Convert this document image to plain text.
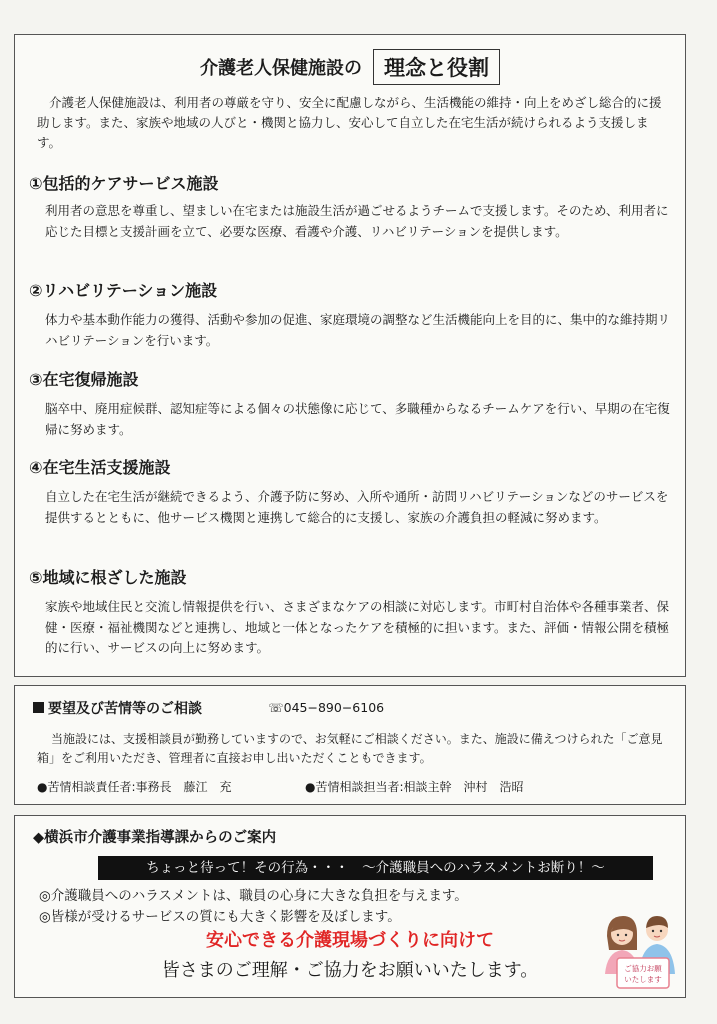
介護老人保健施設の 理念と役割

介護老人保健施設は、利用者の尊厳を守り、安全に配慮しながら、生活機能の維持・向上をめざし総合的に援助します。また、家族や地域の人びと・機関と協力し、安心して自立した在宅生活が続けられるよう支援します。

①包括的ケアサービス施設

利用者の意思を尊重し、望ましい在宅または施設生活が過ごせるようチームで支援します。そのため、利用者に応じた目標と支援計画を立て、必要な医療、看護や介護、リハビリテーションを提供します。

②リハビリテーション施設

体力や基本動作能力の獲得、活動や参加の促進、家庭環境の調整など生活機能向上を目的に、集中的な維持期リハビリテーションを行います。

③在宅復帰施設

脳卒中、廃用症候群、認知症等による個々の状態像に応じて、多職種からなるチームケアを行い、早期の在宅復帰に努めます。

④在宅生活支援施設

自立した在宅生活が継続できるよう、介護予防に努め、入所や通所・訪問リハビリテーションなどのサービスを提供するとともに、他サービス機関と連携して総合的に支援し、家族の介護負担の軽減に努めます。

⑤地域に根ざした施設

家族や地域住民と交流し情報提供を行い、さまざまなケアの相談に対応します。市町村自治体や各種事業者、保健・医療・福祉機関などと連携し、地域と一体となったケアを積極的に担います。また、評価・情報公開を積極的に行い、サービスの向上に努めます。

要望及び苦情等のご相談	☏045−890−6106

当施設には、支援相談員が勤務していますので、お気軽にご相談ください。また、施設に備えつけられた「ご意見箱」をご利用いただき、管理者に直接お申し出いただくこともできます。

●苦情相談責任者:事務長　藤江　充	●苦情相談担当者:相談主幹　沖村　浩昭
◆横浜市介護事業指導課からのご案内
ちょっと待って！その行為・・・　～介護職員へのハラスメントお断り！～
◎介護職員へのハラスメントは、職員の心身に大きな負担を与えます。
◎皆様が受けるサービスの質にも大きく影響を及ぼします。
安心できる介護現場づくりに向けて
皆さまのご理解・ご協力をお願いいたします。	ご協力お願
いたします
